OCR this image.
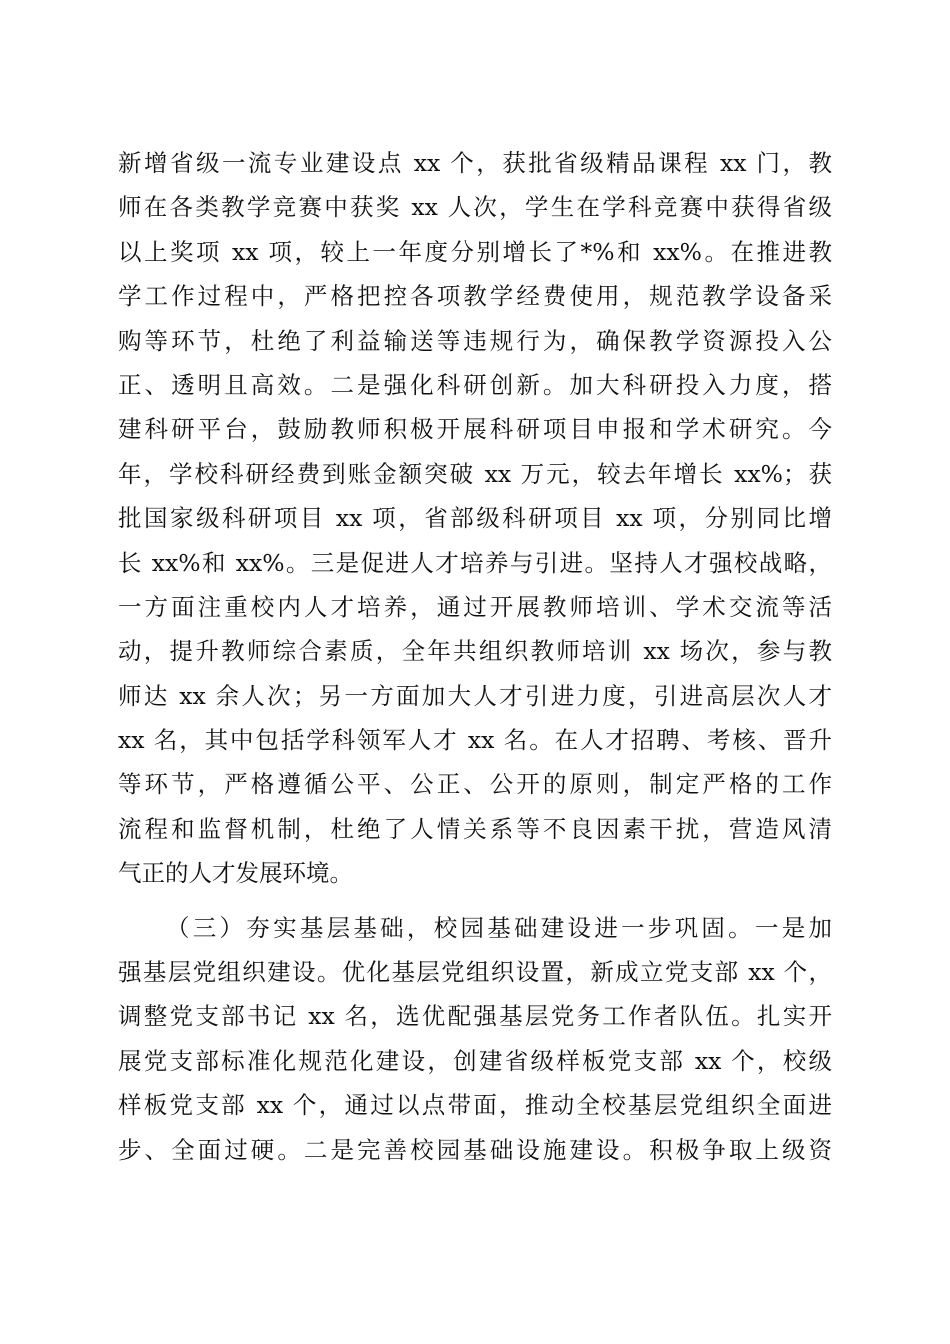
新增省级一流专业建设点 xx 个，获批省级精品课程 xx 门，教
师在各类教学竞赛中获奖 xx 人次，学生在学科竞赛中获得省级
以上奖项 xx 项，较上一年度分别增长了*%和 xx%。在推进教
学工作过程中，严格把控各项教学经费使用，规范教学设备采
购等环节，杜绝了利益输送等违规行为，确保教学资源投入公
正、透明且高效。二是强化科研创新。加大科研投入力度，搭
建科研平台，鼓励教师积极开展科研项目申报和学术研究。今
年，学校科研经费到账金额突破 xx 万元，较去年增长 xx%；获
批国家级科研项目 xx 项，省部级科研项目 xx 项，分别同比增
长 xx%和 xx%。三是促进人才培养与引进。坚持人才强校战略，
一方面注重校内人才培养，通过开展教师培训、学术交流等活
动，提升教师综合素质，全年共组织教师培训 xx 场次，参与教
师达 xx 余人次；另一方面加大人才引进力度，引进高层次人才
xx 名，其中包括学科领军人才 xx 名。在人才招聘、考核、晋升
等环节，严格遵循公平、公正、公开的原则，制定严格的工作
流程和监督机制，杜绝了人情关系等不良因素干扰，营造风清
气正的人才发展环境。
（三）夯实基层基础，校园基础建设进一步巩固。一是加
强基层党组织建设。优化基层党组织设置，新成立党支部 xx 个，
调整党支部书记 xx 名，选优配强基层党务工作者队伍。扎实开
展党支部标准化规范化建设，创建省级样板党支部 xx 个，校级
样板党支部 xx 个，通过以点带面，推动全校基层党组织全面进
步、全面过硬。二是完善校园基础设施建设。积极争取上级资
